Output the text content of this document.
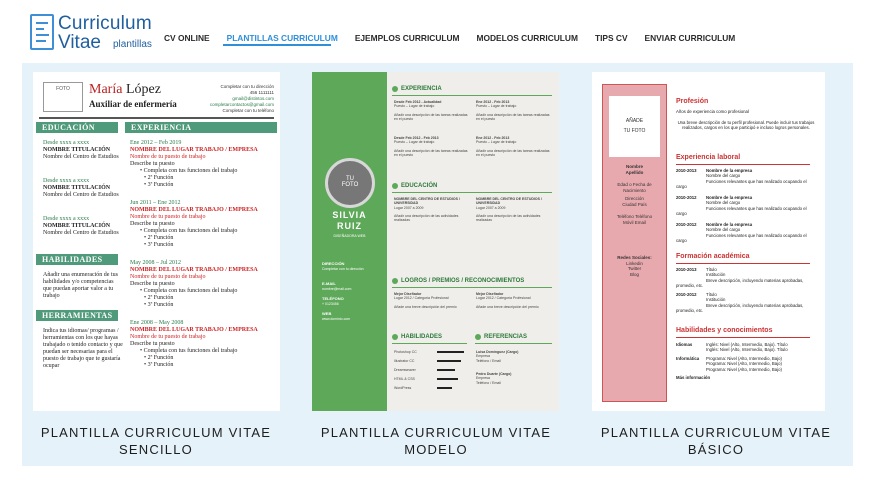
Curriculum
Vitae plantillas
CV ONLINE PLANTILLAS CURRICULUM EJEMPLOS CURRICULUM MODELOS CURRICULUM TIPS CV ENVIAR CURRICULUM
FOTO	María López
Auxiliar de enfermería
Completar con tu dirección
456 1111111
gmail@distintos.com
completarcontactos@gmail.com
Completar con tu teléfono
EDUCACIÓN	EXPERIENCIA
Desde xxxx a xxxx
NOMBRE TITULACIÓN
Nombre del Centro de Estudios
Desde xxxx a xxxx
NOMBRE TITULACIÓN
Nombre del Centro de Estudios
Desde xxxx a xxxx
NOMBRE TITULACIÓN
Nombre del Centro de Estudios
HABILIDADES
Añadir una enumeración de tus habilidades y/o competencias que puedan aportar valor a tu trabajo
HERRAMIENTAS
Indica tus idiomas/ programas / herramientas con los que hayas trabajado o tenido contacto y que puedan ser necesarias para el puesto de trabajo que te gustaría ocupar
Ene 2012 – Feb 2019
NOMBRE DEL LUGAR TRABAJO / EMPRESA
Nombre de tu puesto de trabajo
Describe tu puesto
• Completa con tus funciones del trabajo
• 2ª Función
• 3ª Función
Jun 2011 – Ene 2012
NOMBRE DEL LUGAR TRABAJO / EMPRESA
Nombre de tu puesto de trabajo
Describe tu puesto
• Completa con tus funciones del trabajo
• 2ª Función
• 3ª Función
May 2008 – Jul 2012
NOMBRE DEL LUGAR TRABAJO / EMPRESA
Nombre de tu puesto de trabajo
Describe tu puesto
• Completa con tus funciones del trabajo
• 2ª Función
• 3ª Función
Ene 2008 – May 2008
NOMBRE DEL LUGAR TRABAJO / EMPRESA
Nombre de tu puesto de trabajo
Describe tu puesto
• Completa con tus funciones del trabajo
• 2ª Función
• 3ª Función
PLANTILLA CURRICULUM VITAE
SENCILLO
TU
FOTO
SILVIA
RUIZ
DISEÑADORA WEB
DIRECCIÓN
Completar con tu dirección
E-MAIL
nombre@mail.com
TELÉFONO
+ 0123456
WEB
www.dominio.com
EXPERIENCIA
Desde Feb 2012 - Actualidad
Puesto – Lugar de trabajo

Añadir una descripción de las tareas realizadas en el puesto
Ene 2012 - Feb 2013
Puesto – Lugar de trabajo

Añadir una descripción de las tareas realizadas en el puesto
Desde Feb 2012 - Feb 2013
Puesto – Lugar de trabajo

Añadir una descripción de las tareas realizadas en el puesto
Ene 2012 - Feb 2013
Puesto – Lugar de trabajo

Añadir una descripción de las tareas realizadas en el puesto
EDUCACIÓN
NOMBRE DEL CENTRO DE ESTUDIOS / UNIVERSIDAD
Lugar 2007 a 2009

Añadir una descripción de las actividades realizadas
NOMBRE DEL CENTRO DE ESTUDIOS / UNIVERSIDAD
Lugar 2007 a 2009

Añadir una descripción de las actividades realizadas
LOGROS / PREMIOS / RECONOCIMIENTOS
Mejor Diseñador
Lugar 2012 / Categoría Profesional

Añade una breve descripción del premio
Mejor Diseñador
Lugar 2012 / Categoría Profesional

Añade una breve descripción del premio
HABILIDADES	REFERENCIAS
Photoshop CC
Illustrator CC
Dreamweaver
HTML & CSS
WordPress
Luisa Domínguez (Cargo)
Empresa
Teléfono / Email
Pedro Duarte (Cargo)
Empresa
Teléfono / Email
PLANTILLA CURRICULUM VITAE
MODELO
AÑADE
TU FOTO
Nombre
Apellido
Edad o Fecha de Nacimiento
Dirección Ciudad País
Teléfono Teléfono Móvil Email
Redes Sociales:
Linkedin Twitter Blog
Profesión
Años de experiencia como profesional
Una breve descripción de tu perfil profesional. Puede incluir tus trabajos realizados, cargos en los que participó e incluso logros personales.
Experiencia laboral
2010-2013 Nombre de la empresa
Nombre del cargo
Funciones relevantes que has realizado ocupando el cargo
2010-2012 Nombre de la empresa
Nombre del cargo
Funciones relevantes que has realizado ocupando el cargo
2010-2012 Nombre de la empresa
Nombre del cargo
Funciones relevantes que has realizado ocupando el cargo
Formación académica
2010-2013 Título
Institución
Breve descripción, incluyendo materias aprobadas, promedio, etc.
2010-2012 Título
Institución
Breve descripción, incluyendo materias aprobadas, promedio, etc.
Habilidades y conocimientos
Idiomas	Inglés: Nivel (Alto, Intermedio, Bajo). Título
Inglés: Nivel (Alto, Intermedio, Bajo). Título
Informática Programa: Nivel (Alto, Intermedio, Bajo)
Programa: Nivel (Alto, Intermedio, Bajo)
Programa: Nivel (Alto, Intermedio, Bajo)
Más información
PLANTILLA CURRICULUM VITAE
BÁSICO
